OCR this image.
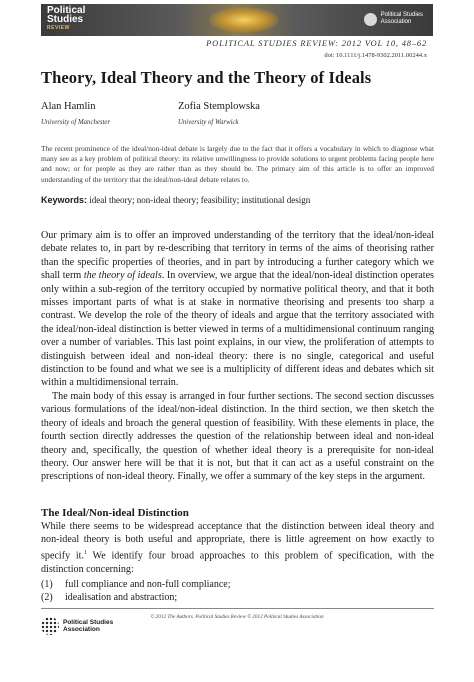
Political
Studies
REVIEW
Political Studies
Association
POLITICAL STUDIES REVIEW: 2012 VOL 10, 48–62
doi: 10.1111/j.1478-9302.2011.00244.x
Theory, Ideal Theory and the Theory of Ideals
Alan Hamlin
University of Manchester
Zofia Stemplowska
University of Warwick

The recent prominence of the ideal/non-ideal debate is largely due to the fact that it offers a vocabulary in which to diagnose what many see as a key problem of political theory: its relative unwillingness to provide solutions to urgent problems facing people here and now; or for people as they are rather than as they should be. The primary aim of this article is to offer an improved understanding of the territory that the ideal/non-ideal debate relates to.

Keywords: ideal theory; non-ideal theory; feasibility; institutional design

Our primary aim is to offer an improved understanding of the territory that the ideal/non-ideal debate relates to, in part by re-describing that territory in terms of the aims of theorising rather than the specific properties of theories, and in part by introducing a further category which we shall term the theory of ideals. In overview, we argue that the ideal/non-ideal distinction operates only within a sub-region of the territory occupied by normative political theory, and that it both misses important parts of what is at stake in normative theorising and presents too sharp a contrast. We develop the role of the theory of ideals and argue that the territory associated with the ideal/non-ideal distinction is better viewed in terms of a multidimensional continuum ranging over a number of variables. This last point explains, in our view, the proliferation of attempts to distinguish between ideal and non-ideal theory: there is no single, categorical and useful distinction to be found and what we see is a multiplicity of different ideas and debates which sit within a multidimensional terrain.

The main body of this essay is arranged in four further sections. The second section discusses various formulations of the ideal/non-ideal distinction. In the third section, we then sketch the theory of ideals and broach the general question of feasibility. With these elements in place, the fourth section directly addresses the question of the relationship between ideal and non-ideal theory and, specifically, the question of whether ideal theory is a prerequisite for non-ideal theory. Our answer here will be that it is not, but that it can act as a useful constraint on the prescriptions of non-ideal theory. Finally, we offer a summary of the key steps in the argument.

The Ideal/Non-ideal Distinction

While there seems to be widespread acceptance that the distinction between ideal theory and non-ideal theory is both useful and appropriate, there is little agreement on how exactly to specify it.$^1$ We identify four broad approaches to this problem of specification, with the distinction concerning:

(1)	full compliance and non-full compliance;
(2)	idealisation and abstraction;
© 2012 The Authors. Political Studies Review © 2012 Political Studies Association
Political Studies
Association
